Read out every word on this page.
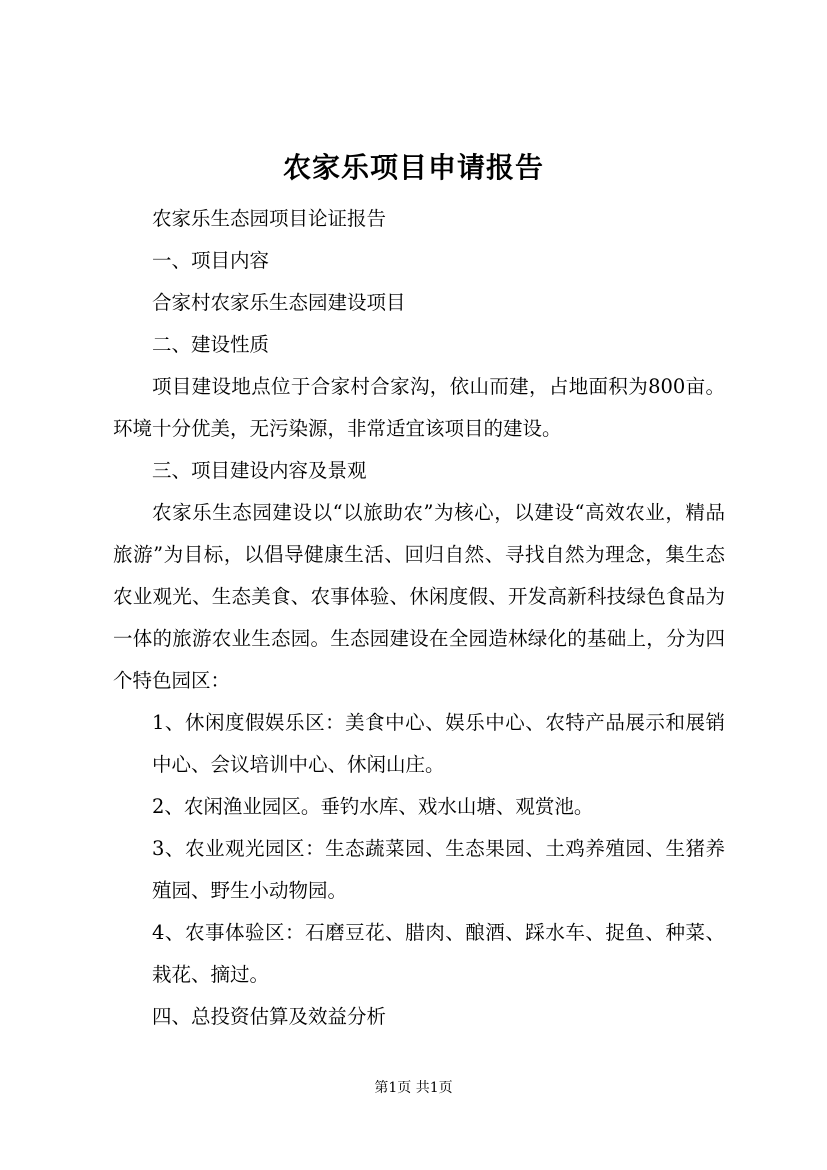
农家乐项目申请报告

农家乐生态园项目论证报告

一、项目内容

合家村农家乐生态园建设项目

二、建设性质

项目建设地点位于合家村合家沟，依山而建，占地面积为800亩。环境十分优美，无污染源，非常适宜该项目的建设。

三、项目建设内容及景观

农家乐生态园建设以“以旅助农”为核心，以建设“高效农业，精品旅游”为目标，以倡导健康生活、回归自然、寻找自然为理念，集生态农业观光、生态美食、农事体验、休闲度假、开发高新科技绿色食品为一体的旅游农业生态园。生态园建设在全园造林绿化的基础上，分为四个特色园区：

1、休闲度假娱乐区：美食中心、娱乐中心、农特产品展示和展销中心、会议培训中心、休闲山庄。

2、农闲渔业园区。垂钓水库、戏水山塘、观赏池。

3、农业观光园区：生态蔬菜园、生态果园、土鸡养殖园、生猪养殖园、野生小动物园。

4、农事体验区：石磨豆花、腊肉、酿酒、踩水车、捉鱼、种菜、栽花、摘过。

四、总投资估算及效益分析

第1页 共1页
